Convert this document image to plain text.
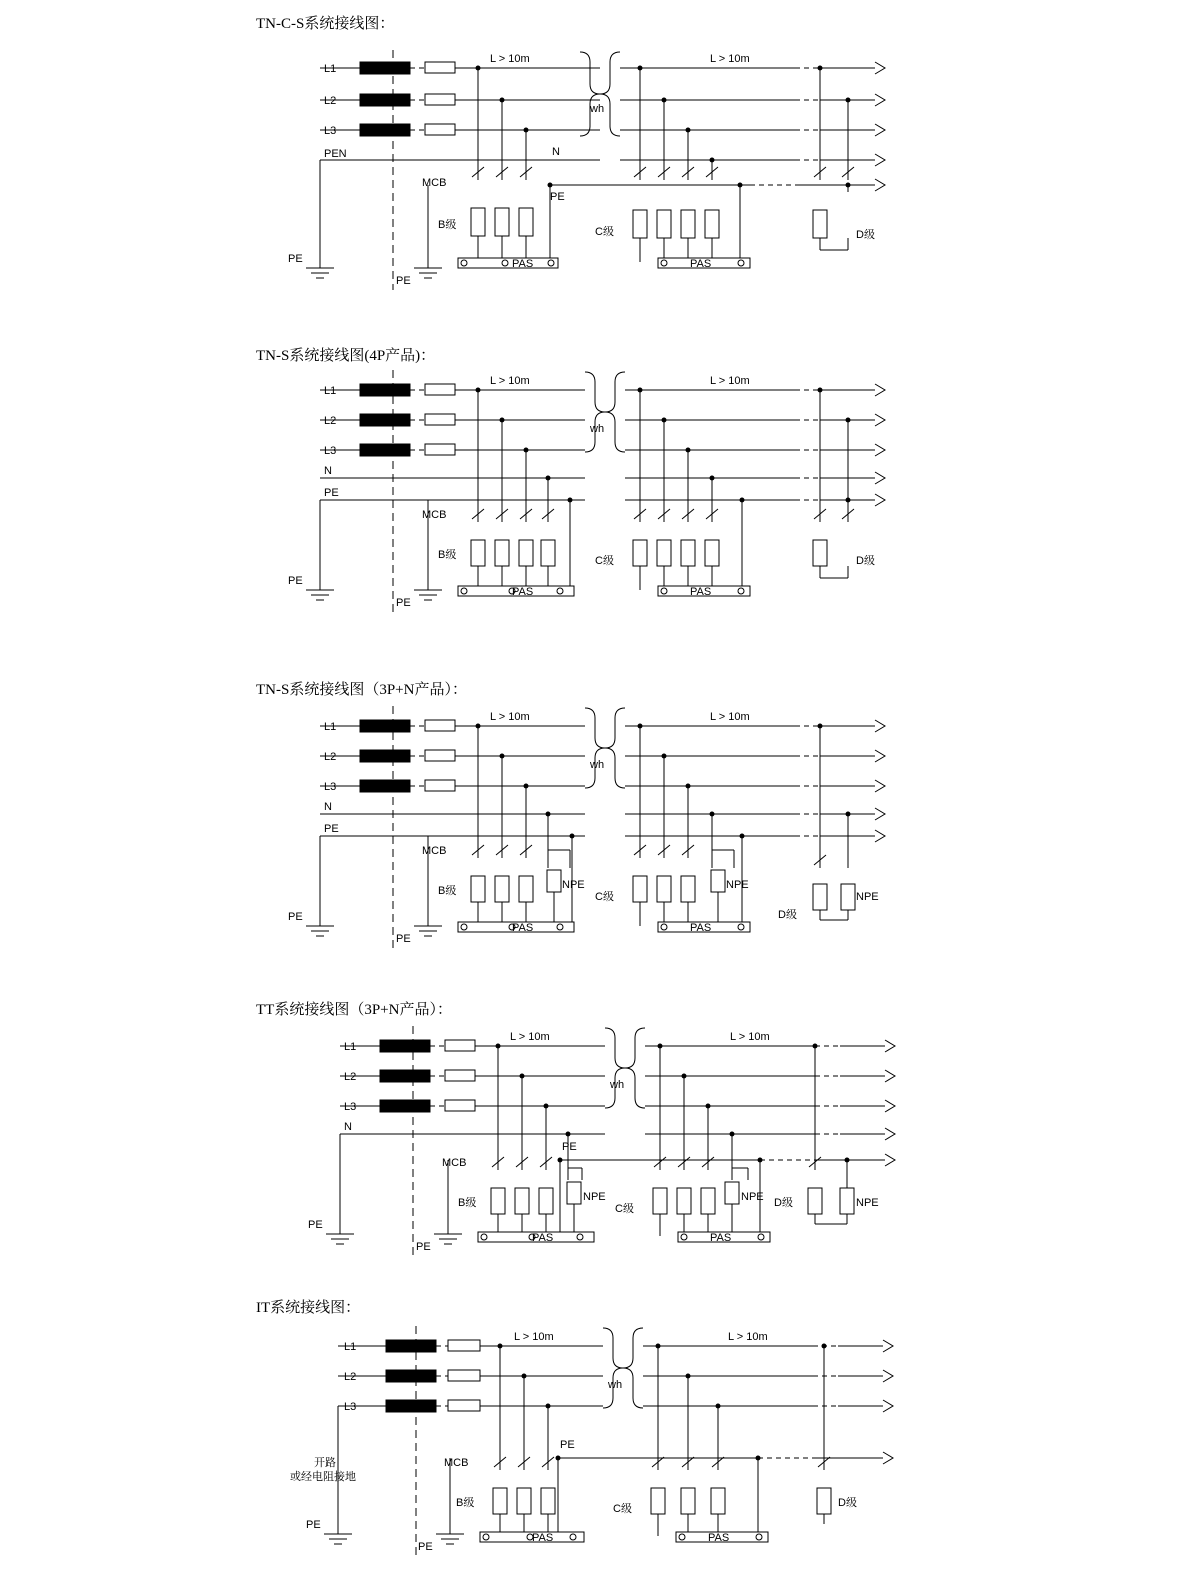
TN-C-S系统接线图：
L1
L2
L3
PEN
PE
PE
L > 10m	L > 10m
wh
MCB
N
PE
B级
C级	D级
PAS	PAS
TN-S系统接线图(4P产品)：
L1
L2
L3
N
PE
PE
PE
L > 10m	L > 10m
wh
MCB
B级	C级	D级
PAS	PAS
TN-S系统接线图（3P+N产品）：
L1
L2
L3
N
PE
PE
PE
L > 10m	L > 10m
wh
MCB
B级	C级
D级
NPE	NPE
NPE
PAS	PAS
TT系统接线图（3P+N产品）：
L1
L2
L3
N
PE
PE
L > 10m	L > 10m
wh
MCB
PE
B级	C级	D级
NPE	NPE	NPE
PAS	PAS
IT系统接线图：
L1
L2
L3
开路
或经电阻接地
PE
PE
L > 10m	L > 10m
wh
MCB
PE
B级	C级	D级
PAS	PAS
